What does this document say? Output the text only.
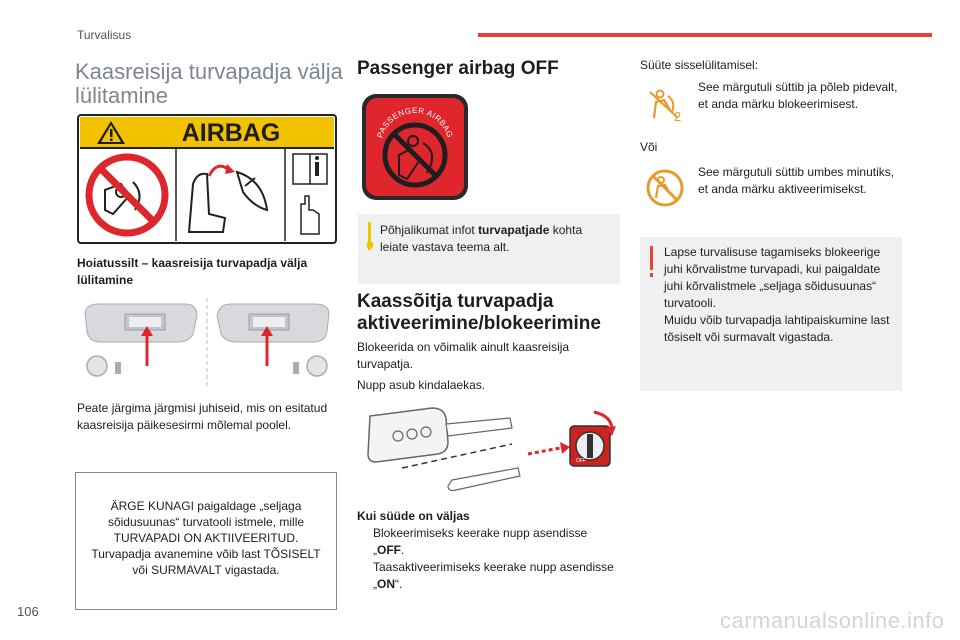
Turvalisus
Kaasreisija turvapadja välja lülitamine
AIRBAG
Hoiatussilt – kaasreisija turvapadja välja lülitamine
Peate järgima järgmisi juhiseid, mis on esitatud kaasreisija päikesesirmi mõlemal poolel.
ÄRGE KUNAGI paigaldage „seljaga sõidusuunas“ turvatooli istmele, mille TURVAPADI ON AKTIIVEERITUD. Turvapadja avanemine võib last TÕSISELT või SURMAVALT vigastada.
Passenger airbag OFF
PASSENGER AIRBAG
Põhjalikumat infot turvapatjade kohta leiate vastava teema alt.
Kaassõitja turvapadja aktiveerimine/blokeerimine
Blokeerida on võimalik ainult kaasreisija turvapatja.
Nupp asub kindalaekas.
OFF
Kui süüde on väljas
Blokeerimiseks keerake nupp asendisse „OFF.
Taasaktiveerimiseks keerake nupp asendisse „ON“.
Süüte sisselülitamisel:
2
See märgutuli süttib ja põleb pidevalt, et anda märku blokeerimisest.
Või
See märgutuli süttib umbes minutiks, et anda märku aktiveerimisekst.
Lapse turvalisuse tagamiseks blokeerige juhi kõrvalistme turvapadi, kui paigaldate juhi kõrvalistmele „seljaga sõidusuunas“ turvatooli.
Muidu võib turvapadja lahtipaiskumine last tõsiselt või surmavalt vigastada.
106	carmanualsonline.info
